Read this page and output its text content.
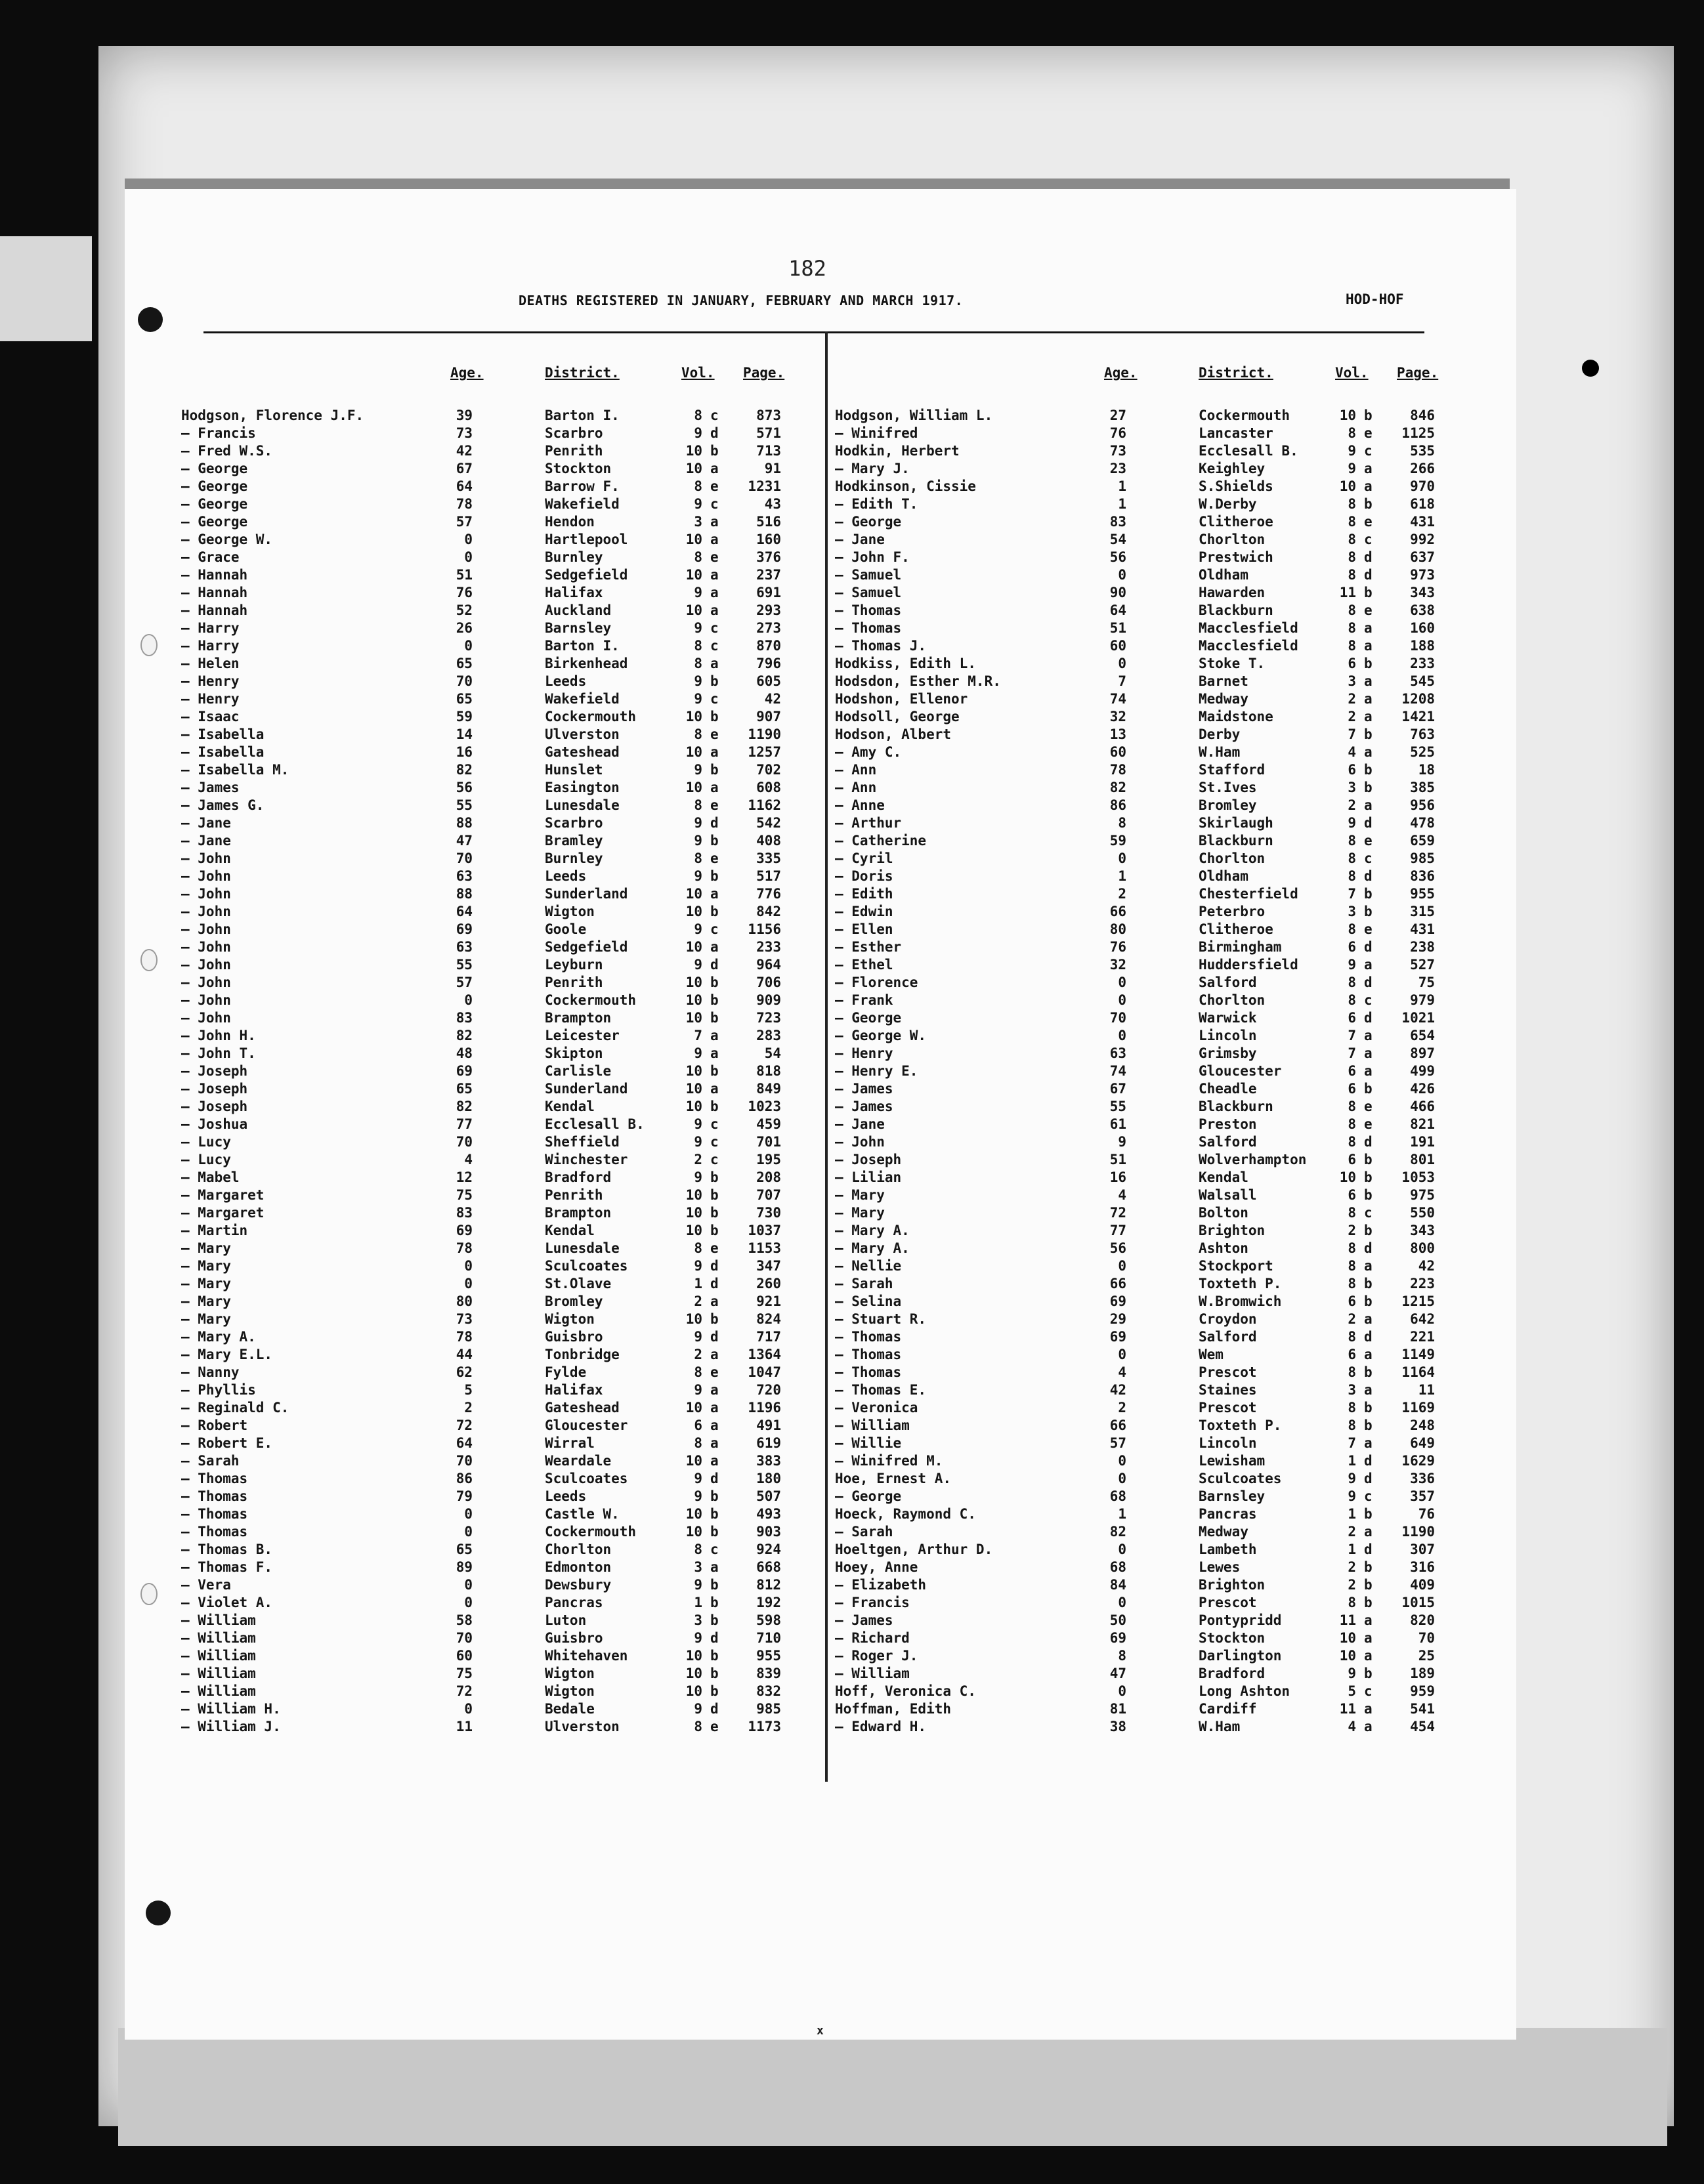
182
DEATHS REGISTERED IN JANUARY, FEBRUARY AND MARCH 1917.	HOD-HOF
Age.	District.	Vol. Page.
Hodgson, Florence J.F.	39	Barton I.	8 c	873
— Francis	73	Scarbro	9 d	571
— Fred W.S.	42	Penrith	10 b	713
— George	67	Stockton	10 a	91
— George	64	Barrow F.	8 e	1231
— George	78	Wakefield	9 c	43
— George	57	Hendon	3 a	516
— George W.	0	Hartlepool	10 a	160
— Grace	0	Burnley	8 e	376
— Hannah	51	Sedgefield	10 a	237
— Hannah	76	Halifax	9 a	691
— Hannah	52	Auckland	10 a	293
— Harry	26	Barnsley	9 c	273
— Harry	0	Barton I.	8 c	870
— Helen	65	Birkenhead	8 a	796
— Henry	70	Leeds	9 b	605
— Henry	65	Wakefield	9 c	42
— Isaac	59	Cockermouth	10 b	907
— Isabella	14	Ulverston	8 e	1190
— Isabella	16	Gateshead	10 a	1257
— Isabella M.	82	Hunslet	9 b	702
— James	56	Easington	10 a	608
— James G.	55	Lunesdale	8 e	1162
— Jane	88	Scarbro	9 d	542
— Jane	47	Bramley	9 b	408
— John	70	Burnley	8 e	335
— John	63	Leeds	9 b	517
— John	88	Sunderland	10 a	776
— John	64	Wigton	10 b	842
— John	69	Goole	9 c	1156
— John	63	Sedgefield	10 a	233
— John	55	Leyburn	9 d	964
— John	57	Penrith	10 b	706
— John	0	Cockermouth	10 b	909
— John	83	Brampton	10 b	723
— John H.	82	Leicester	7 a	283
— John T.	48	Skipton	9 a	54
— Joseph	69	Carlisle	10 b	818
— Joseph	65	Sunderland	10 a	849
— Joseph	82	Kendal	10 b	1023
— Joshua	77	Ecclesall B.	9 c	459
— Lucy	70	Sheffield	9 c	701
— Lucy	4	Winchester	2 c	195
— Mabel	12	Bradford	9 b	208
— Margaret	75	Penrith	10 b	707
— Margaret	83	Brampton	10 b	730
— Martin	69	Kendal	10 b	1037
— Mary	78	Lunesdale	8 e	1153
— Mary	0	Sculcoates	9 d	347
— Mary	0	St.Olave	1 d	260
— Mary	80	Bromley	2 a	921
— Mary	73	Wigton	10 b	824
— Mary A.	78	Guisbro	9 d	717
— Mary E.L.	44	Tonbridge	2 a	1364
— Nanny	62	Fylde	8 e	1047
— Phyllis	5	Halifax	9 a	720
— Reginald C.	2	Gateshead	10 a	1196
— Robert	72	Gloucester	6 a	491
— Robert E.	64	Wirral	8 a	619
— Sarah	70	Weardale	10 a	383
— Thomas	86	Sculcoates	9 d	180
— Thomas	79	Leeds	9 b	507
— Thomas	0	Castle W.	10 b	493
— Thomas	0	Cockermouth	10 b	903
— Thomas B.	65	Chorlton	8 c	924
— Thomas F.	89	Edmonton	3 a	668
— Vera	0	Dewsbury	9 b	812
— Violet A.	0	Pancras	1 b	192
— William	58	Luton	3 b	598
— William	70	Guisbro	9 d	710
— William	60	Whitehaven	10 b	955
— William	75	Wigton	10 b	839
— William	72	Wigton	10 b	832
— William H.	0	Bedale	9 d	985
— William J.	11	Ulverston	8 e	1173
Age.	District.	Vol. Page.
Hodgson, William L.	27	Cockermouth	10 b	846
— Winifred	76	Lancaster	8 e	1125
Hodkin, Herbert	73	Ecclesall B.	9 c	535
— Mary J.	23	Keighley	9 a	266
Hodkinson, Cissie	1	S.Shields	10 a	970
— Edith T.	1	W.Derby	8 b	618
— George	83	Clitheroe	8 e	431
— Jane	54	Chorlton	8 c	992
— John F.	56	Prestwich	8 d	637
— Samuel	0	Oldham	8 d	973
— Samuel	90	Hawarden	11 b	343
— Thomas	64	Blackburn	8 e	638
— Thomas	51	Macclesfield	8 a	160
— Thomas J.	60	Macclesfield	8 a	188
Hodkiss, Edith L.	0	Stoke T.	6 b	233
Hodsdon, Esther M.R.	7	Barnet	3 a	545
Hodshon, Ellenor	74	Medway	2 a	1208
Hodsoll, George	32	Maidstone	2 a	1421
Hodson, Albert	13	Derby	7 b	763
— Amy C.	60	W.Ham	4 a	525
— Ann	78	Stafford	6 b	18
— Ann	82	St.Ives	3 b	385
— Anne	86	Bromley	2 a	956
— Arthur	8	Skirlaugh	9 d	478
— Catherine	59	Blackburn	8 e	659
— Cyril	0	Chorlton	8 c	985
— Doris	1	Oldham	8 d	836
— Edith	2	Chesterfield	7 b	955
— Edwin	66	Peterbro	3 b	315
— Ellen	80	Clitheroe	8 e	431
— Esther	76	Birmingham	6 d	238
— Ethel	32	Huddersfield	9 a	527
— Florence	0	Salford	8 d	75
— Frank	0	Chorlton	8 c	979
— George	70	Warwick	6 d	1021
— George W.	0	Lincoln	7 a	654
— Henry	63	Grimsby	7 a	897
— Henry E.	74	Gloucester	6 a	499
— James	67	Cheadle	6 b	426
— James	55	Blackburn	8 e	466
— Jane	61	Preston	8 e	821
— John	9	Salford	8 d	191
— Joseph	51	Wolverhampton	6 b	801
— Lilian	16	Kendal	10 b	1053
— Mary	4	Walsall	6 b	975
— Mary	72	Bolton	8 c	550
— Mary A.	77	Brighton	2 b	343
— Mary A.	56	Ashton	8 d	800
— Nellie	0	Stockport	8 a	42
— Sarah	66	Toxteth P.	8 b	223
— Selina	69	W.Bromwich	6 b	1215
— Stuart R.	29	Croydon	2 a	642
— Thomas	69	Salford	8 d	221
— Thomas	0	Wem	6 a	1149
— Thomas	4	Prescot	8 b	1164
— Thomas E.	42	Staines	3 a	11
— Veronica	2	Prescot	8 b	1169
— William	66	Toxteth P.	8 b	248
— Willie	57	Lincoln	7 a	649
— Winifred M.	0	Lewisham	1 d	1629
Hoe, Ernest A.	0	Sculcoates	9 d	336
— George	68	Barnsley	9 c	357
Hoeck, Raymond C.	1	Pancras	1 b	76
— Sarah	82	Medway	2 a	1190
Hoeltgen, Arthur D.	0	Lambeth	1 d	307
Hoey, Anne	68	Lewes	2 b	316
— Elizabeth	84	Brighton	2 b	409
— Francis	0	Prescot	8 b	1015
— James	50	Pontypridd	11 a	820
— Richard	69	Stockton	10 a	70
— Roger J.	8	Darlington	10 a	25
— William	47	Bradford	9 b	189
Hoff, Veronica C.	0	Long Ashton	5 c	959
Hoffman, Edith	81	Cardiff	11 a	541
— Edward H.	38	W.Ham	4 a	454
x
